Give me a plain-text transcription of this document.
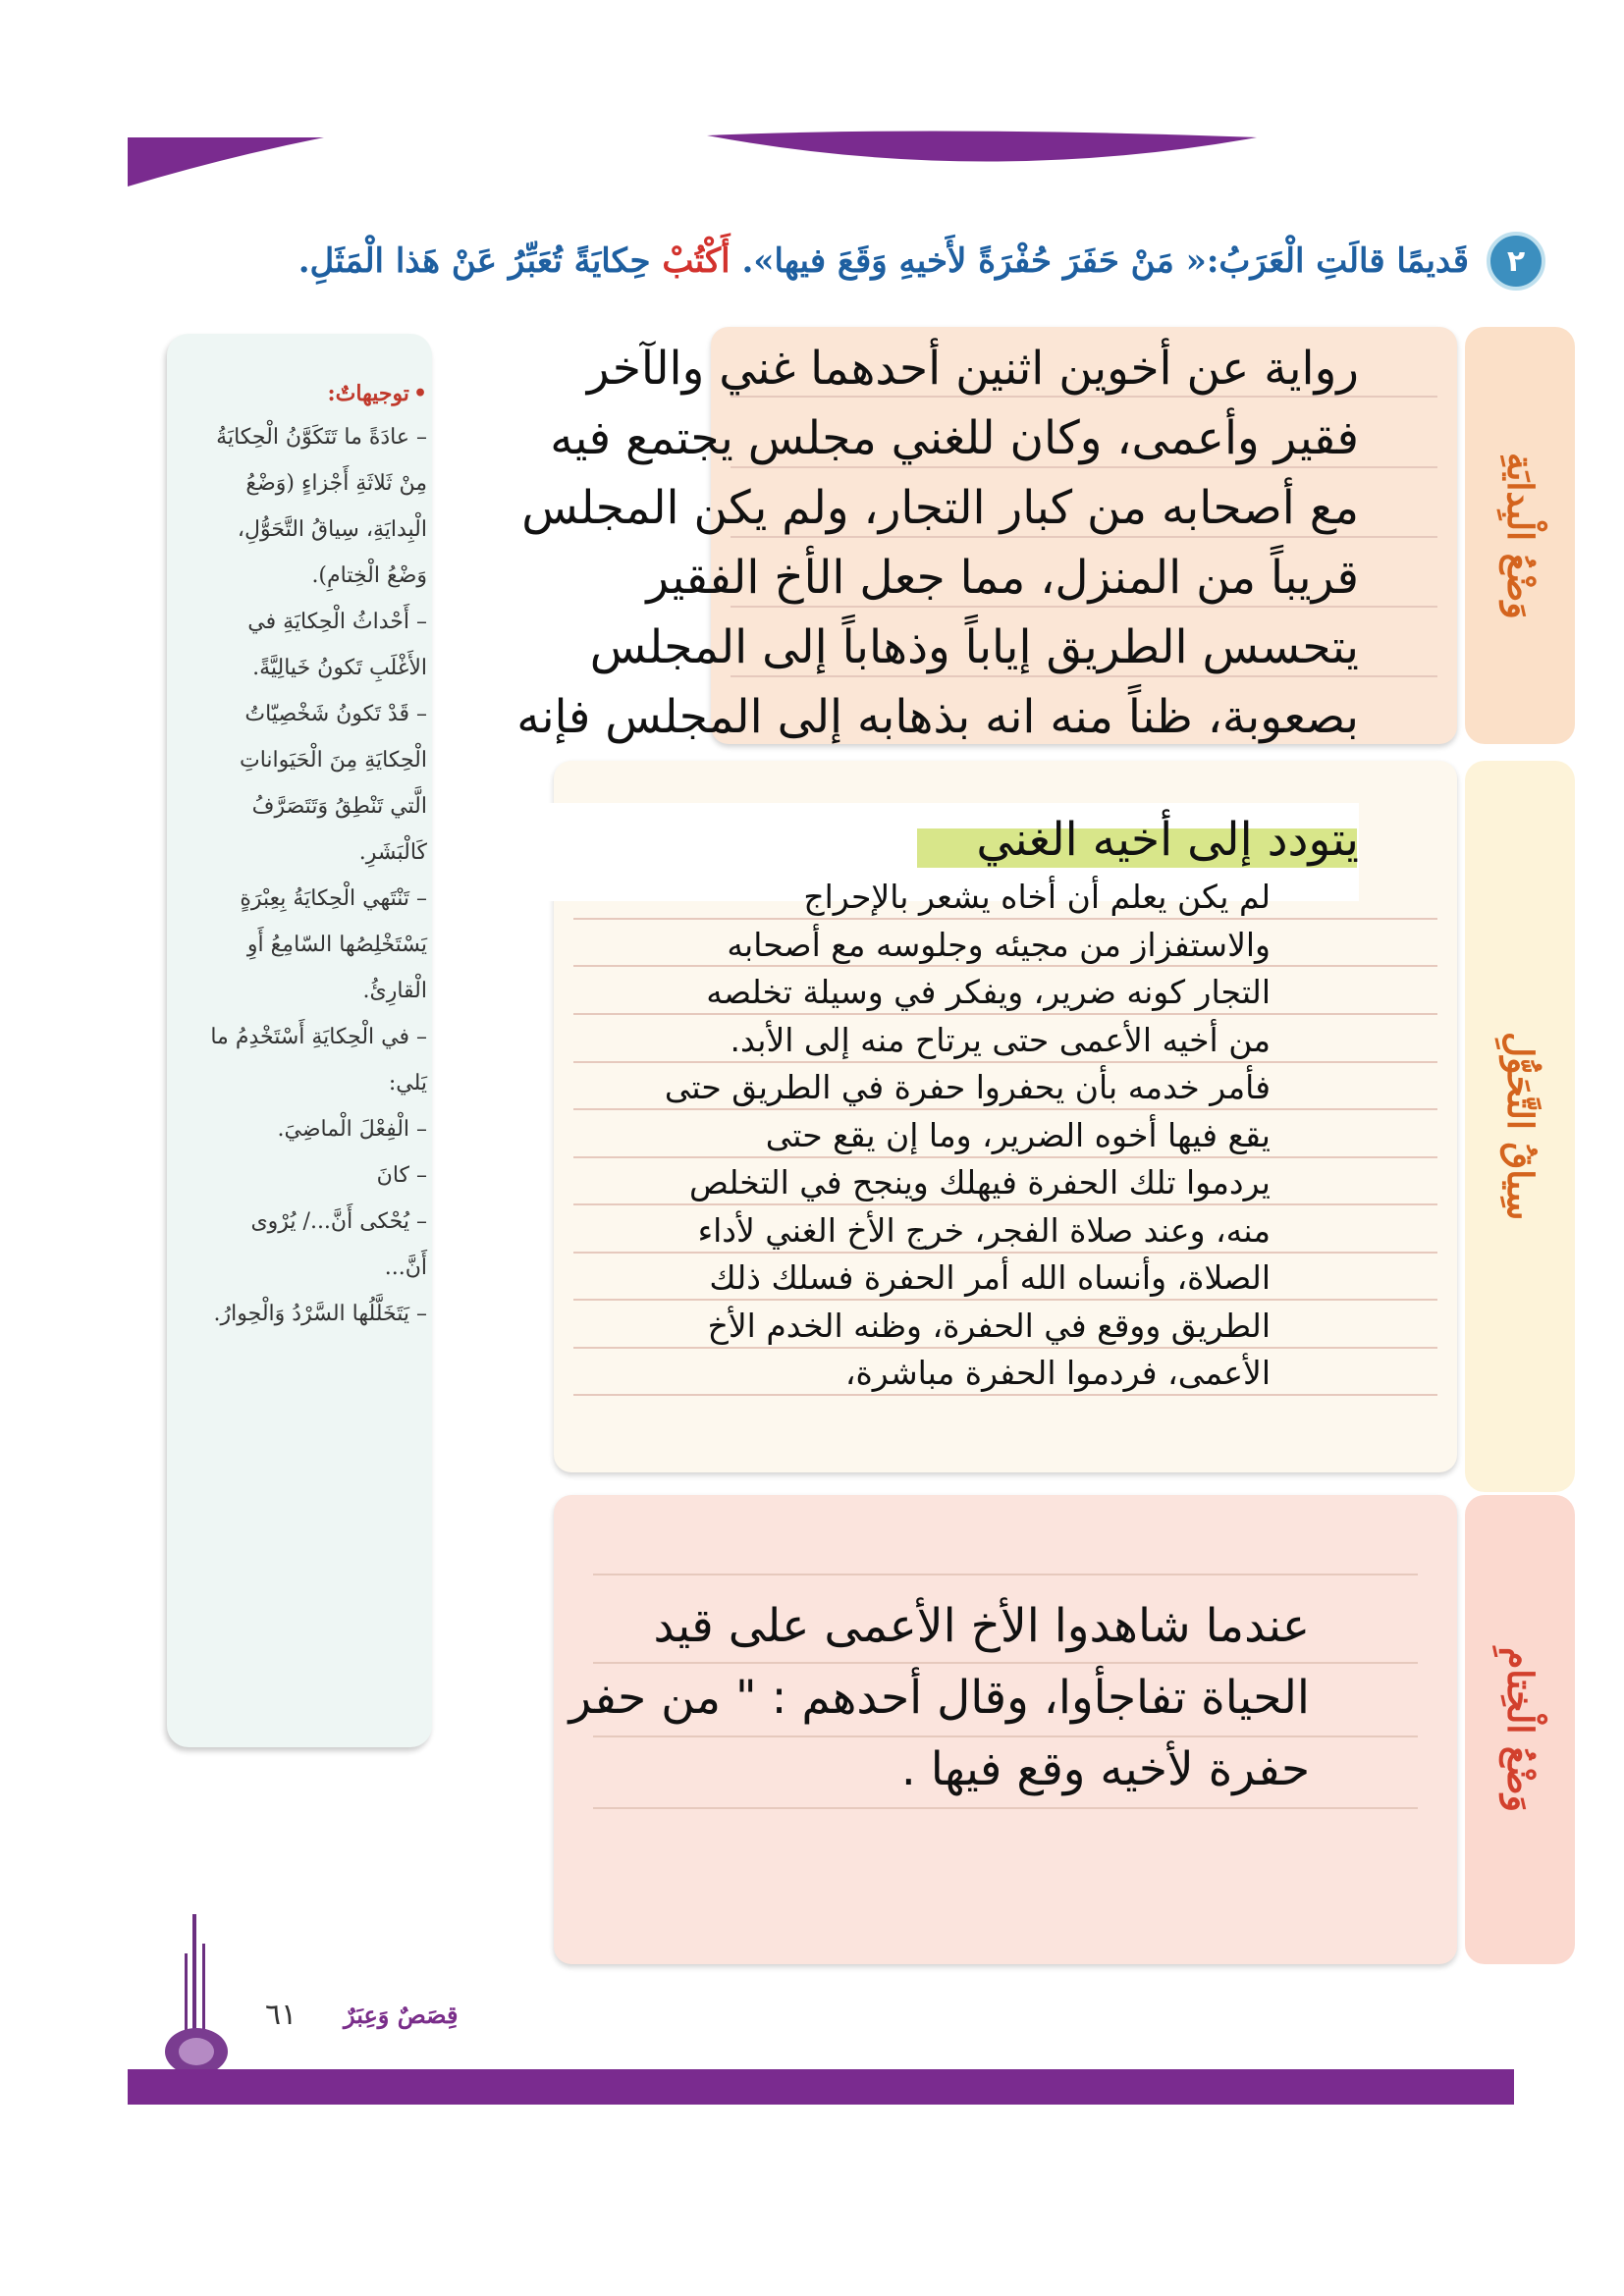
٢
قَديمًا قالَتِ الْعَرَبُ:« مَنْ حَفَرَ حُفْرَةً لأَخيهِ وَقَعَ فيها». أَكْتُبْ حِكايَةً تُعَبِّرُ عَنْ هَذا الْمَثَلِ.
وَضْعُ الْبِدايَةِ
سِياقُ التَّحَوُّلِ
وَضْعُ الْخِتامِ
رواية عن أخوين اثنين أحدهما غني والآخر
فقير وأعمى، وكان للغني مجلس يجتمع فيه
مع أصحابه من كبار التجار، ولم يكن المجلس
قريباً من المنزل، مما جعل الأخ الفقير
يتحسس الطريق إياباً وذهاباً إلى المجلس
بصعوبة، ظناً منه انه بذهابه إلى المجلس فإنه
يتودد إلى أخيه الغني
لم يكن يعلم أن أخاه يشعر بالإحراج
والاستفزاز من مجيئه وجلوسه مع أصحابه
التجار كونه ضرير، ويفكر في وسيلة تخلصه
من أخيه الأعمى حتى يرتاح منه إلى الأبد.
فأمر خدمه بأن يحفروا حفرة في الطريق حتى
يقع فيها أخوه الضرير، وما إن يقع حتى
يردموا تلك الحفرة فيهلك وينجح في التخلص
منه، وعند صلاة الفجر، خرج الأخ الغني لأداء
الصلاة، وأنساه الله أمر الحفرة فسلك ذلك
الطريق ووقع في الحفرة، وظنه الخدم الأخ
الأعمى، فردموا الحفرة مباشرة،
عندما شاهدوا الأخ الأعمى على قيد
الحياة تفاجأوا، وقال أحدهم : " من حفر
حفرة لأخيه وقع فيها .
• توجيهاتٌ:
– عادَةً ما تَتَكَوَّنُ الْحِكايَةُ
مِنْ ثَلاثَةِ أَجْزاءٍ (وَضْعُ
الْبِدايَةِ، سِياقُ التَّحَوُّلِ،
وَضْعُ الْخِتامِ).
– أَحْداثُ الْحِكايَةِ في
الأَغْلَبِ تَكونُ خَيالِيَّةً.
– قَدْ تَكونُ شَخْصِيّاتُ
الْحِكايَةِ مِنَ الْحَيَواناتِ
الَّتي تَنْطِقُ وَتَتَصَرَّفُ
كَالْبَشَرِ.
– تَنْتَهي الْحِكايَةُ بِعِبْرَةٍ
يَسْتَخْلِصُها السّامِعُ أَوِ
الْقارِئُ.
– في الْحِكايَةِ أَسْتَخْدِمُ ما
يَلي:
– الْفِعْلَ الْماضِيَ.
– كانَ
– يُحْكى أَنَّ.../ يُرْوى
أَنَّ...
– يَتَخَلَّلُها السَّرْدُ وَالْحِوارُ.
٦١ قِصَصٌ وَعِبَرٌ
